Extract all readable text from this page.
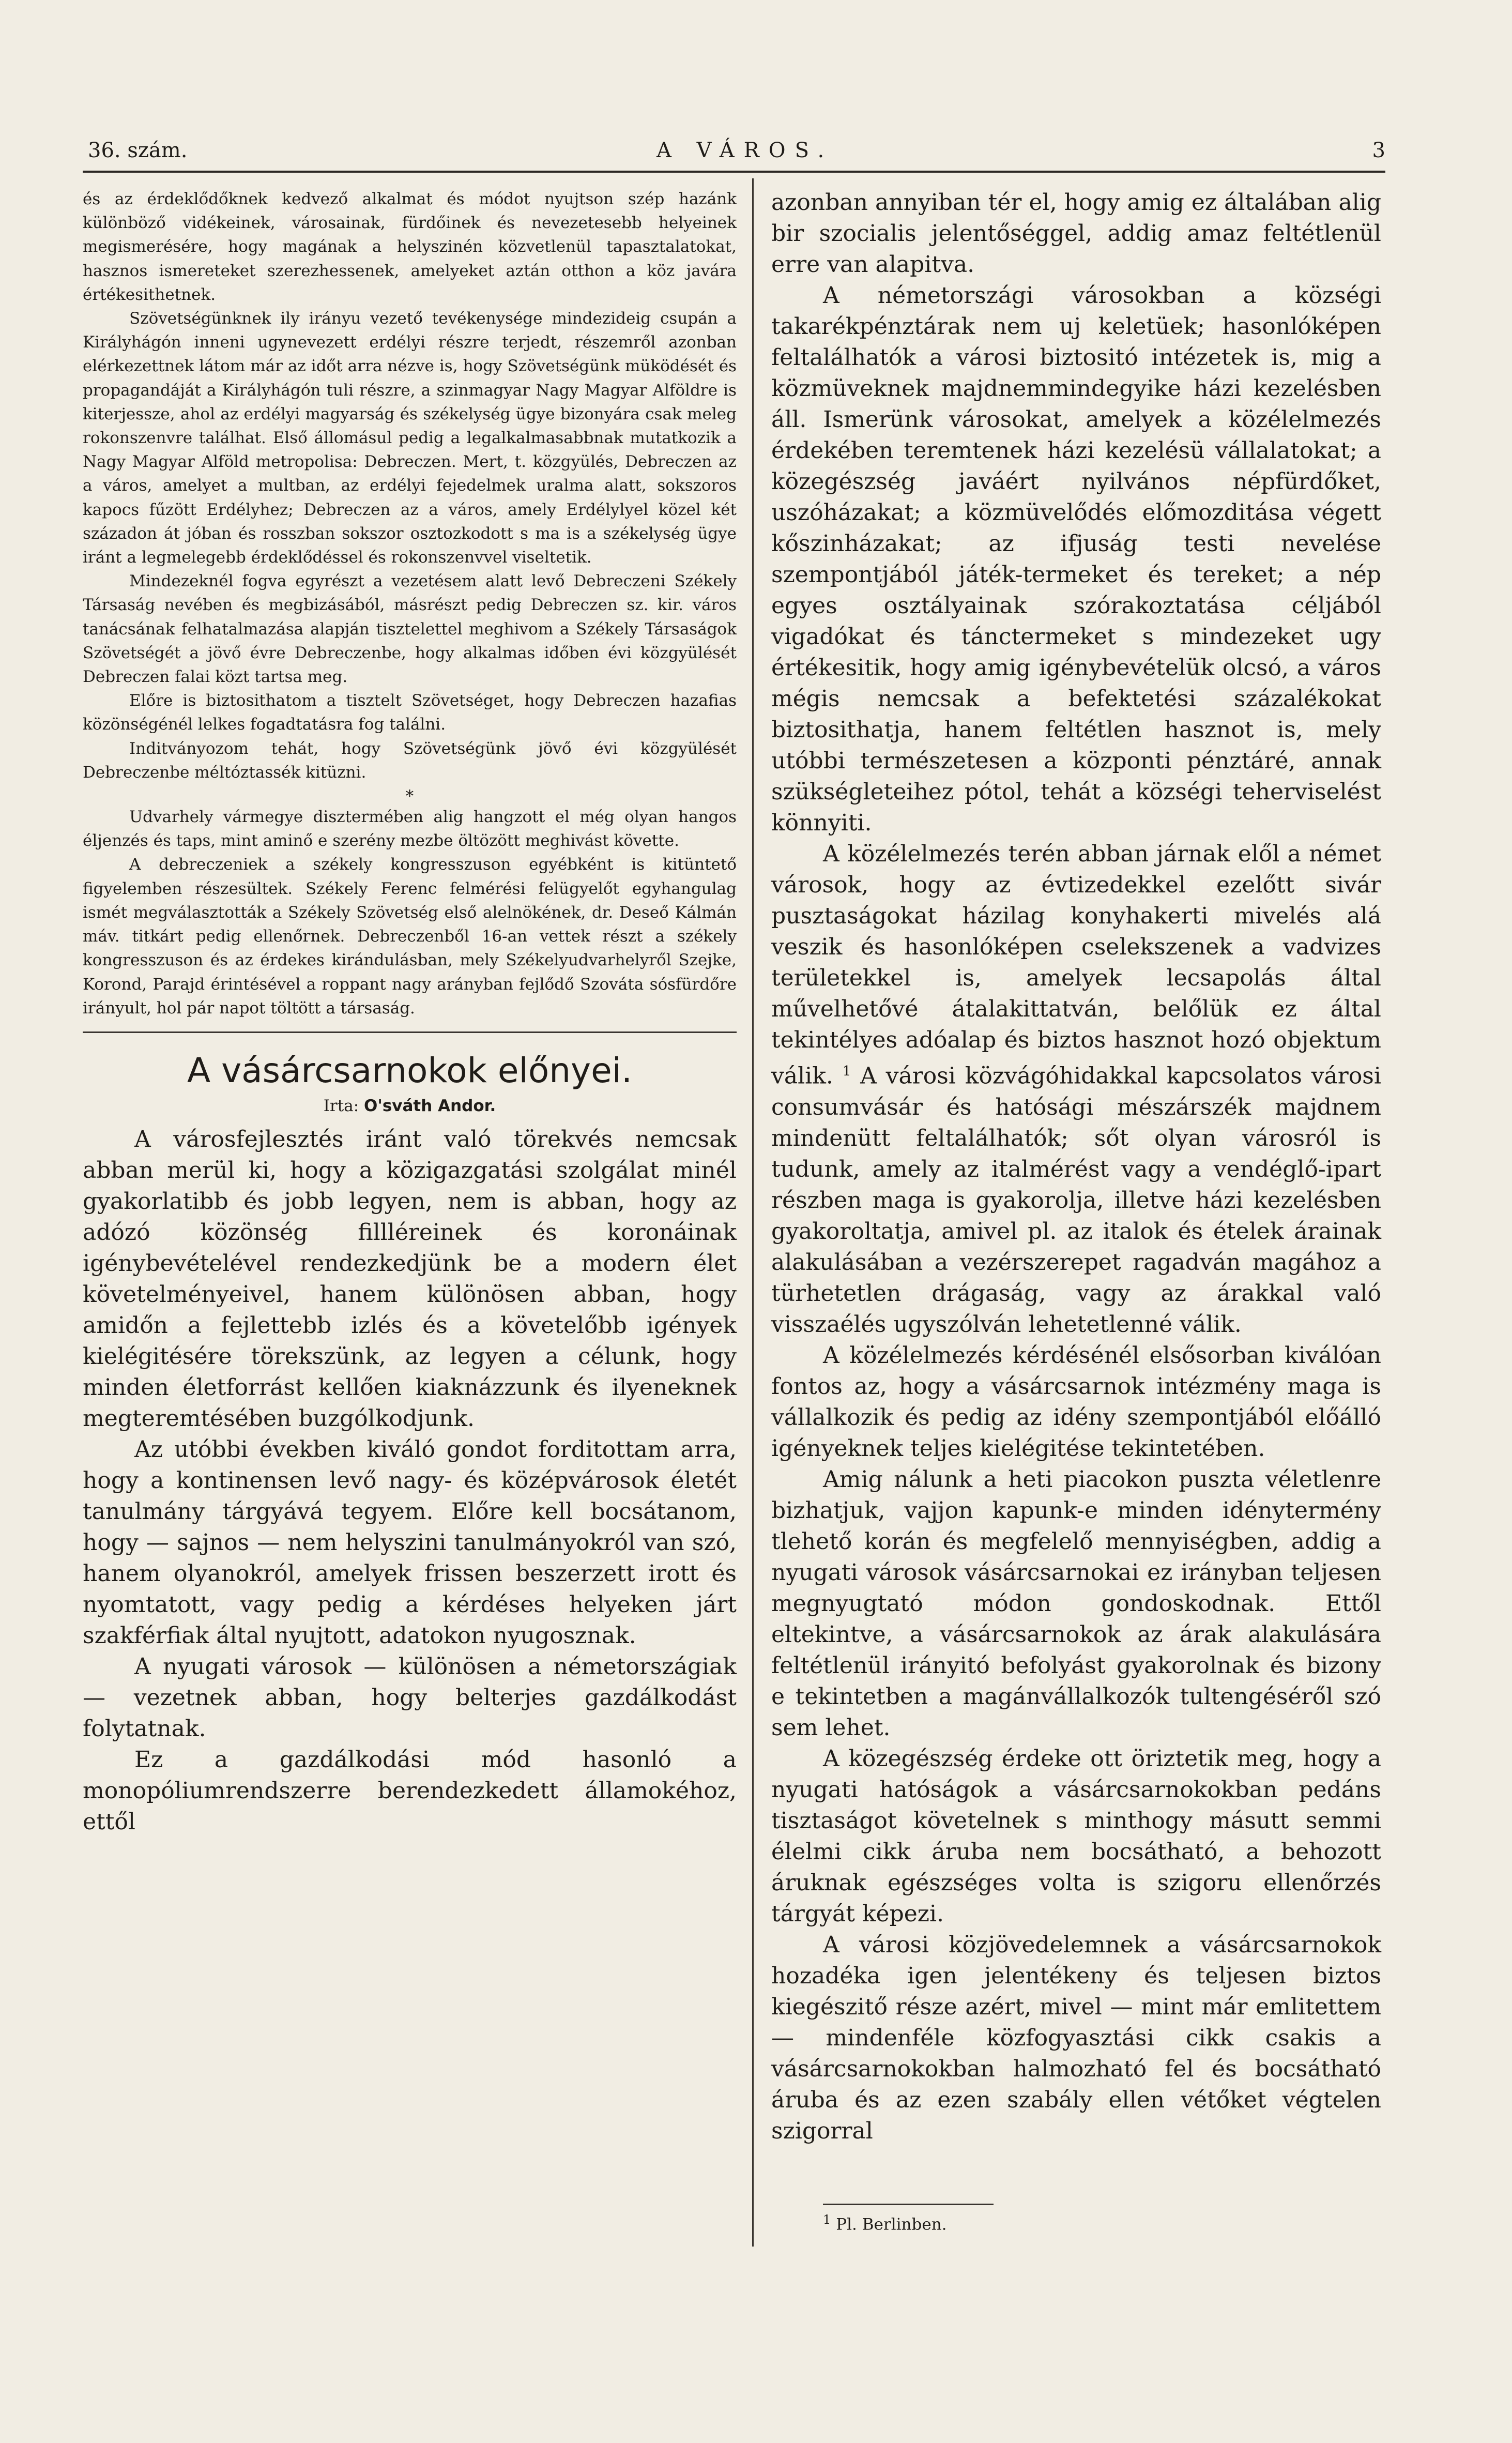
36. szám.	A VÁROS.	3

és az érdeklődőknek kedvező alkalmat és módot nyujtson szép hazánk különböző vidékeinek, városainak, fürdőinek és nevezetesebb helyeinek megismerésére, hogy magának a helyszinén közvetlenül tapasztalatokat, hasznos ismereteket szerezhessenek, amelyeket aztán otthon a köz javára értékesithetnek.

Szövetségünknek ily irányu vezető tevékenysége mindezideig csupán a Királyhágón inneni ugynevezett erdélyi részre terjedt, részemről azonban elérkezettnek látom már az időt arra nézve is, hogy Szövetségünk müködését és propagandáját a Királyhágón tuli részre, a szinmagyar Nagy Magyar Alföldre is kiterjessze, ahol az erdélyi magyarság és székelység ügye bizonyára csak meleg rokonszenvre találhat. Első állomásul pedig a legalkalmasabbnak mutatkozik a Nagy Magyar Alföld metropolisa: Debreczen. Mert, t. közgyülés, Debreczen az a város, amelyet a multban, az erdélyi fejedelmek uralma alatt, sokszoros kapocs fűzött Erdélyhez; Debreczen az a város, amely Erdélylyel közel két századon át jóban és rosszban sokszor osztozkodott s ma is a székelység ügye iránt a legmelegebb érdeklődéssel és rokonszenvvel viseltetik.

Mindezeknél fogva egyrészt a vezetésem alatt levő Debreczeni Székely Társaság nevében és megbizásából, másrészt pedig Debreczen sz. kir. város tanácsának felhatalmazása alapján tisztelettel meghivom a Székely Társaságok Szövetségét a jövő évre Debreczenbe, hogy alkalmas időben évi közgyülését Debreczen falai közt tartsa meg.

Előre is biztosithatom a tisztelt Szövetséget, hogy Debreczen hazafias közönségénél lelkes fogadtatásra fog találni.

Inditványozom tehát, hogy Szövetségünk jövő évi közgyülését Debreczenbe méltóztassék kitüzni.

*

Udvarhely vármegye disztermében alig hangzott el még olyan hangos éljenzés és taps, mint aminő e szerény mezbe öltözött meghivást követte.

A debreczeniek a székely kongresszuson egyébként is kitüntető figyelemben részesültek. Székely Ferenc felmérési felügyelőt egyhangulag ismét megválasztották a Székely Szövetség első alelnökének, dr. Deseő Kálmán máv. titkárt pedig ellenőrnek. Debreczenből 16-an vettek részt a székely kongresszuson és az érdekes kirándulásban, mely Székelyudvarhelyről Szejke, Korond, Parajd érintésével a roppant nagy arányban fejlődő Szováta sósfürdőre irányult, hol pár napot töltött a társaság.

A vásárcsarnokok előnyei.
Irta: O'sváth Andor.

A városfejlesztés iránt való törekvés nemcsak abban merül ki, hogy a közigazgatási szolgálat minél gyakorlatibb és jobb legyen, nem is abban, hogy az adózó közönség fillléreinek és koronáinak igénybevételével rendezkedjünk be a modern élet követelményeivel, hanem különösen abban, hogy amidőn a fejlettebb izlés és a követelőbb igények kielégitésére törekszünk, az legyen a célunk, hogy minden életforrást kellően kiaknázzunk és ilyeneknek megteremtésében buzgólkodjunk.

Az utóbbi években kiváló gondot forditottam arra, hogy a kontinensen levő nagy- és középvárosok életét tanulmány tárgyává tegyem. Előre kell bocsátanom, hogy — sajnos — nem helyszini tanulmányokról van szó, hanem olyanokról, amelyek frissen beszerzett irott és nyomtatott, vagy pedig a kérdéses helyeken járt szakférfiak által nyujtott, adatokon nyugosznak.

A nyugati városok — különösen a németországiak — vezetnek abban, hogy belterjes gazdálkodást folytatnak.

Ez a gazdálkodási mód hasonló a monopóliumrendszerre berendezkedett államokéhoz, ettől

azonban annyiban tér el, hogy amig ez általában alig bir szocialis jelentőséggel, addig amaz feltétlenül erre van alapitva.

A németországi városokban a községi takarékpénztárak nem uj keletüek; hasonlóképen feltalálhatók a városi biztositó intézetek is, mig a közmüveknek majdnemmindegyike házi kezelésben áll. Ismerünk városokat, amelyek a közélelmezés érdekében teremtenek házi kezelésü vállalatokat; a közegészség javáért nyilvános népfürdőket, uszóházakat; a közmüvelődés előmozditása végett kőszinházakat; az ifjuság testi nevelése szempontjából játék-termeket és tereket; a nép egyes osztályainak szórakoztatása céljából vigadókat és tánctermeket s mindezeket ugy értékesitik, hogy amig igénybevételük olcsó, a város mégis nemcsak a befektetési százalékokat biztosithatja, hanem feltétlen hasznot is, mely utóbbi természetesen a központi pénztáré, annak szükségleteihez pótol, tehát a községi teherviselést könnyiti.

A közélelmezés terén abban járnak elől a német városok, hogy az évtizedekkel ezelőtt sivár pusztaságokat házilag konyhakerti mivelés alá veszik és hasonlóképen cselekszenek a vadvizes területekkel is, amelyek lecsapolás által művelhetővé átalakittatván, belőlük ez által tekintélyes adóalap és biztos hasznot hozó objektum válik. $^1$ A városi közvágóhidakkal kapcsolatos városi consumvásár és hatósági mészárszék majdnem mindenütt feltalálhatók; sőt olyan városról is tudunk, amely az italmérést vagy a vendéglő-ipart részben maga is gyakorolja, illetve házi kezelésben gyakoroltatja, amivel pl. az italok és ételek árainak alakulásában a vezérszerepet ragadván magához a türhetetlen drágaság, vagy az árakkal való visszaélés ugyszólván lehetetlenné válik.

A közélelmezés kérdésénél elsősorban kiválóan fontos az, hogy a vásárcsarnok intézmény maga is vállalkozik és pedig az idény szempontjából előálló igényeknek teljes kielégitése tekintetében.

Amig nálunk a heti piacokon puszta véletlenre bizhatjuk, vajjon kapunk-e minden idénytermény tlehető korán és megfelelő mennyiségben, addig a nyugati városok vásárcsarnokai ez irányban teljesen megnyugtató módon gondoskodnak. Ettől eltekintve, a vásárcsarnokok az árak alakulására feltétlenül irányitó befolyást gyakorolnak és bizony e tekintetben a magánvállalkozók tultengéséről szó sem lehet.

A közegészség érdeke ott öriztetik meg, hogy a nyugati hatóságok a vásárcsarnokokban pedáns tisztaságot követelnek s minthogy másutt semmi élelmi cikk áruba nem bocsátható, a behozott áruknak egészséges volta is szigoru ellenőrzés tárgyát képezi.

A városi közjövedelemnek a vásárcsarnokok hozadéka igen jelentékeny és teljesen biztos kiegészitő része azért, mivel — mint már emlitettem — mindenféle közfogyasztási cikk csakis a vásárcsarnokokban halmozható fel és bocsátható áruba és az ezen szabály ellen vétőket végtelen szigorral

$^1$ Pl. Berlinben.
